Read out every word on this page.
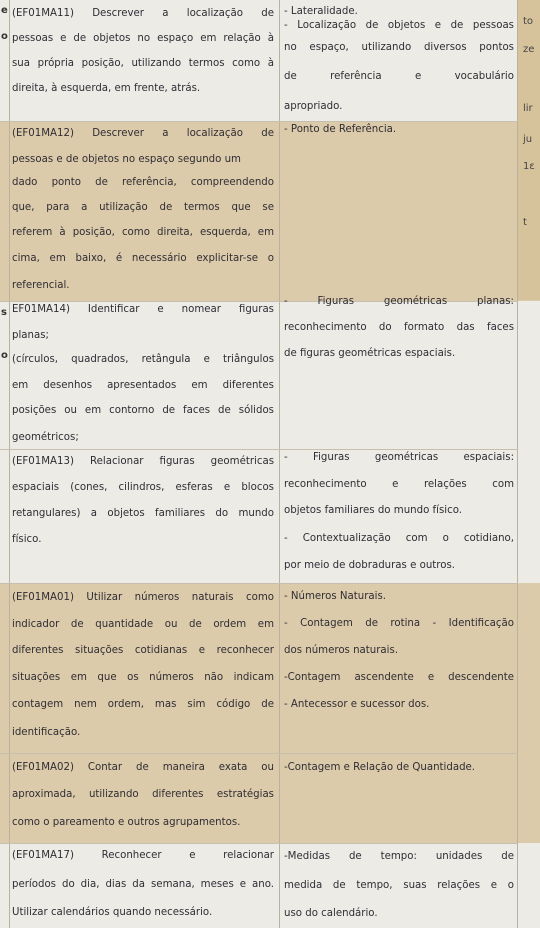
e
o
s
o
to
ze
lir
ju
1ε
t
(EF01MA11) Descrever a localização de
pessoas e de objetos no espaço em relação à
sua própria posição, utilizando termos como à
direita, à esquerda, em frente, atrás.
- Lateralidade.
- Localização de objetos e de pessoas
no espaço, utilizando diversos pontos
de referência e vocabulário
apropriado.
(EF01MA12) Descrever a localização de
pessoas e de objetos no espaço segundo um
dado ponto de referência, compreendendo
que, para a utilização de termos que se
referem à posição, como direita, esquerda, em
cima, em baixo, é necessário explicitar-se o
referencial.
- Ponto de Referência.
EF01MA14) Identificar e nomear figuras
planas;
(círculos, quadrados, retângula e triângulos
em desenhos apresentados em diferentes
posições ou em contorno de faces de sólidos
geométricos;
- Figuras geométricas planas:
reconhecimento do formato das faces
de figuras geométricas espaciais.
(EF01MA13) Relacionar figuras geométricas
espaciais (cones, cilindros, esferas e blocos
retangulares) a objetos familiares do mundo
físico.
- Figuras geométricas espaciais:
reconhecimento e relações com
objetos familiares do mundo físico.
- Contextualização com o cotidiano,
por meio de dobraduras e outros.
(EF01MA01) Utilizar números naturais como
indicador de quantidade ou de ordem em
diferentes situações cotidianas e reconhecer
situações em que os números não indicam
contagem nem ordem, mas sim código de
identificação.
- Números Naturais.
- Contagem de rotina - Identificação
dos números naturais.
-Contagem ascendente e descendente
- Antecessor e sucessor dos.
(EF01MA02) Contar de maneira exata ou
aproximada, utilizando diferentes estratégias
como o pareamento e outros agrupamentos.
-Contagem e Relação de Quantidade.
(EF01MA17) Reconhecer e relacionar
períodos do dia, dias da semana, meses e ano.
Utilizar calendários quando necessário.
-Medidas de tempo: unidades de
medida de tempo, suas relações e o
uso do calendário.
